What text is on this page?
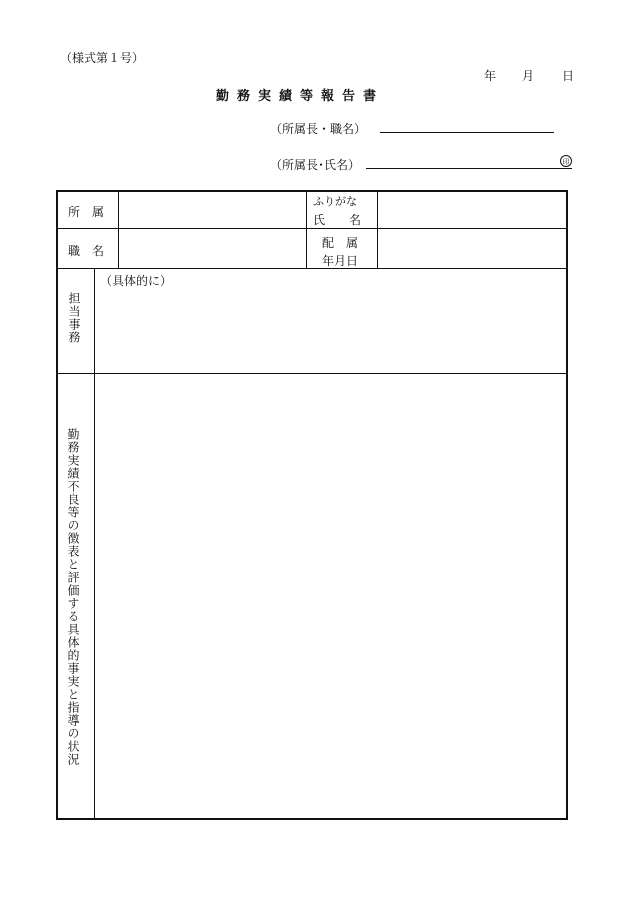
（様式第１号）
年 月 日
勤務実績等報告書
（所属長・職名）
（所属長･氏名）	印
所　属
ふりがな
氏　　名
職　名
配　属
年月日
担当事務
（具体的に）
勤務実績不良等の徴表と評価する具体的事実と指導の状況
